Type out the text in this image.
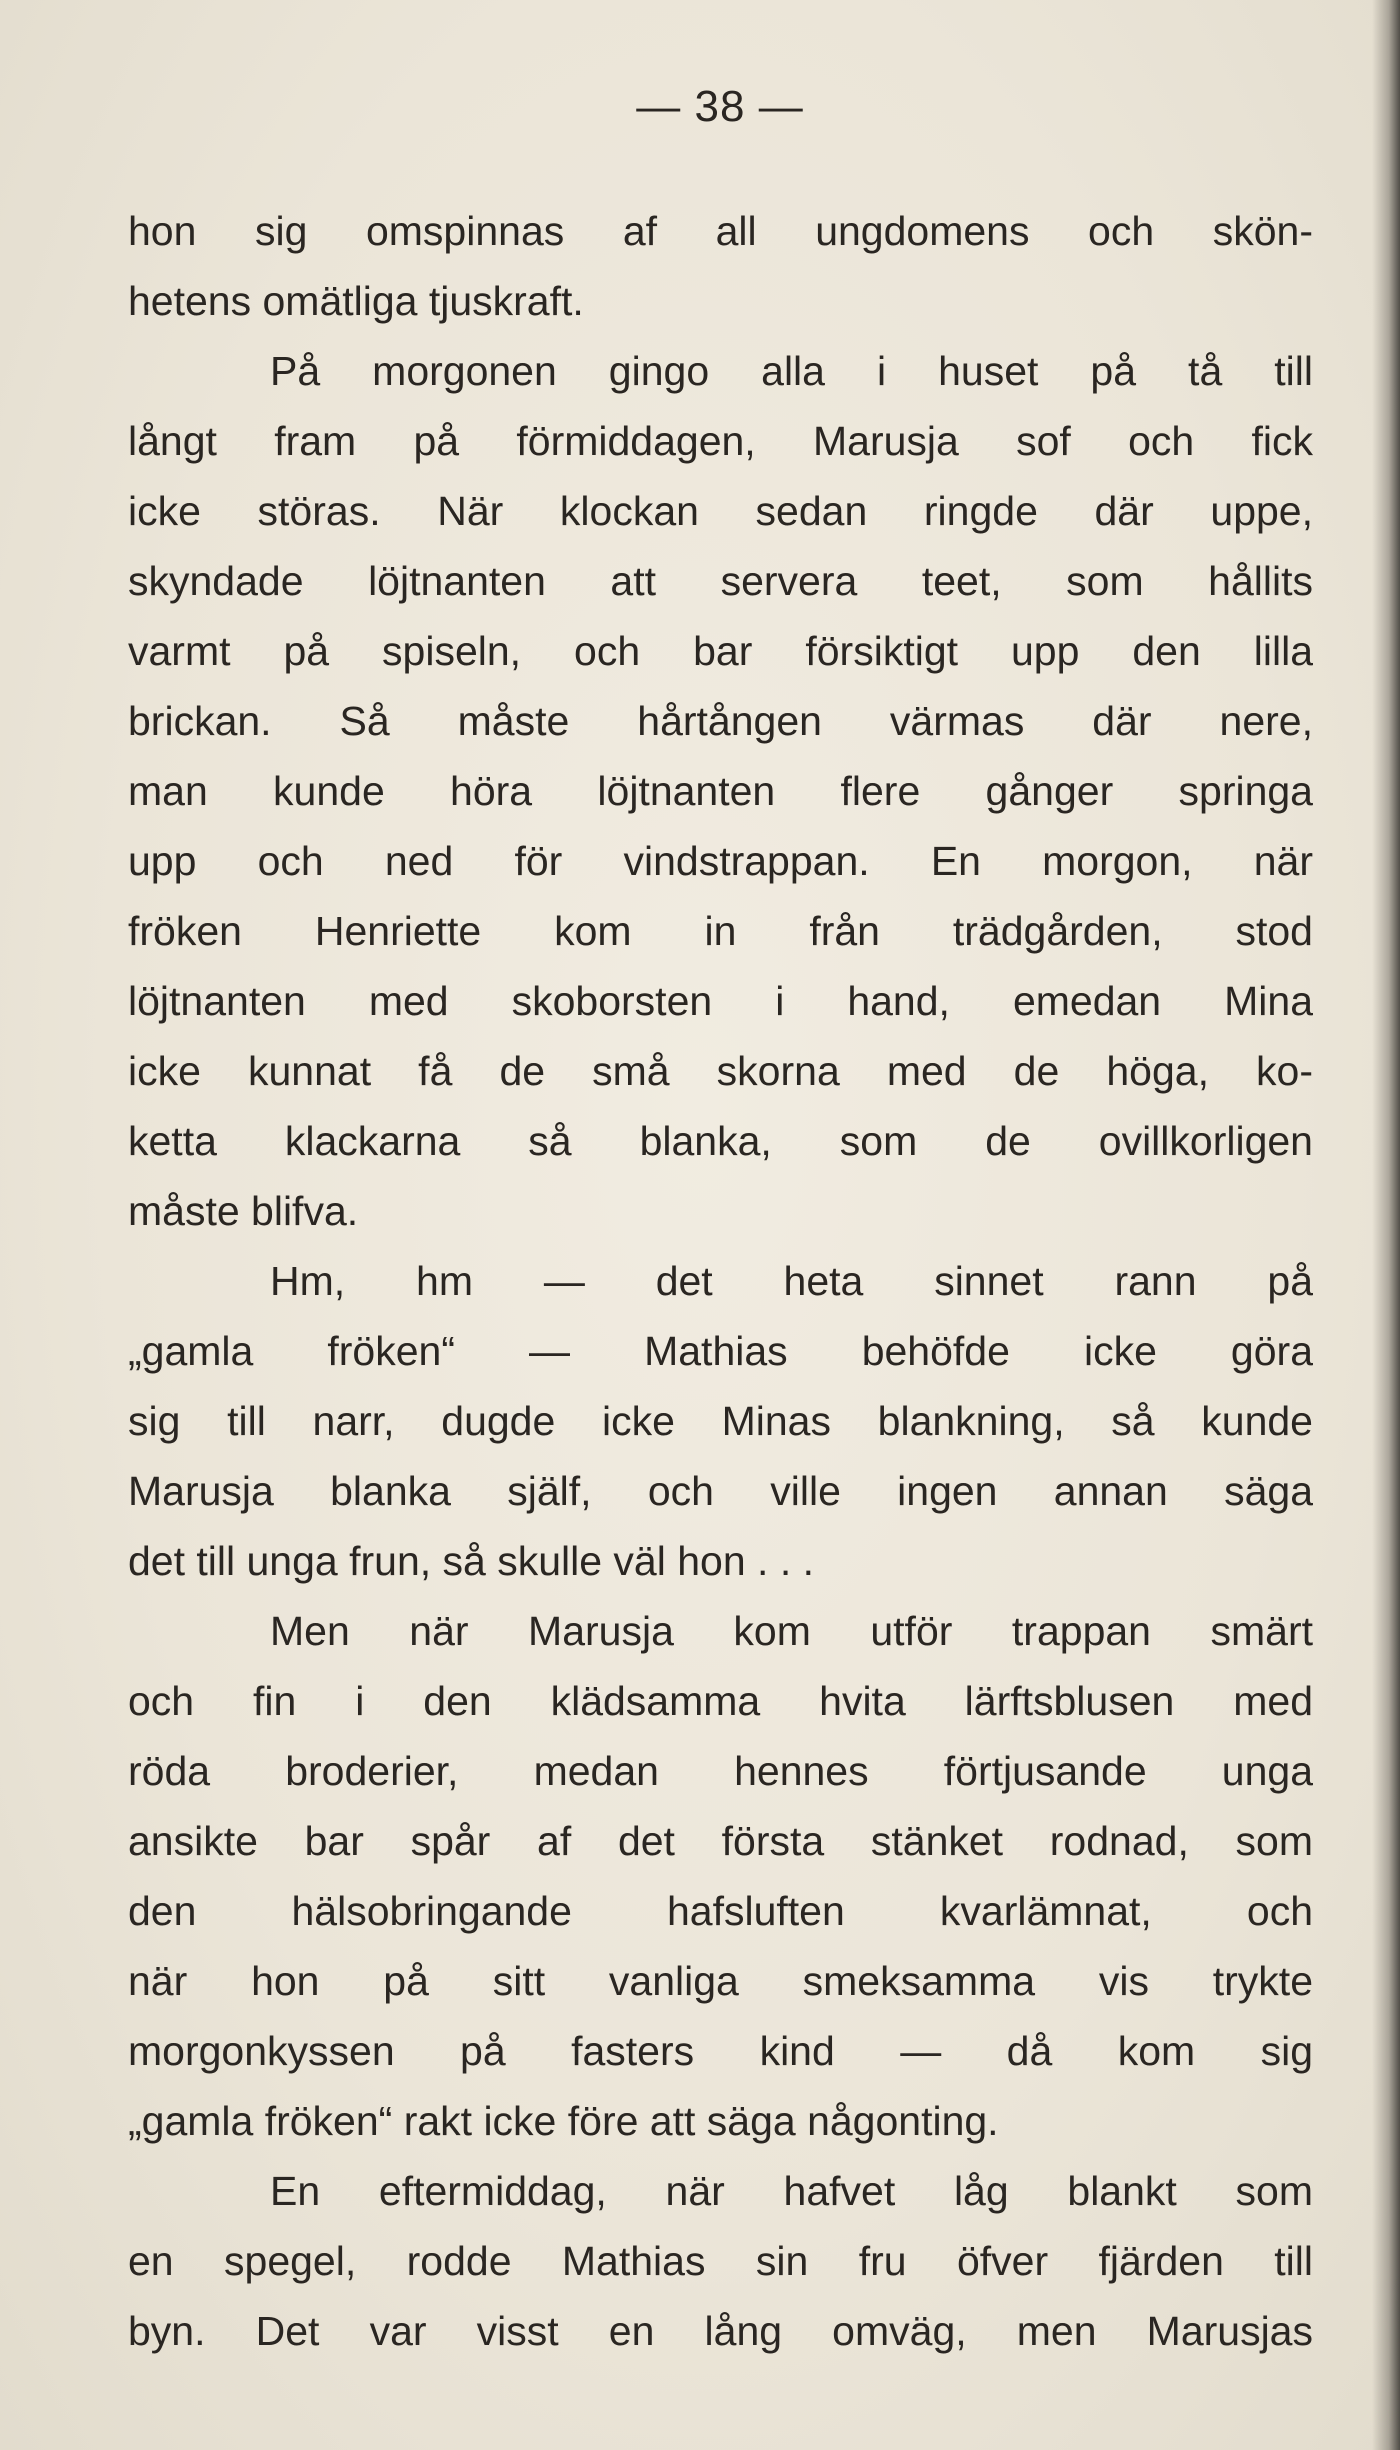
— 38 —
hon sig omspinnas af all ungdomens och skön-
hetens omätliga tjuskraft.
På morgonen gingo alla i huset på tå till
långt fram på förmiddagen, Marusja sof och fick
icke störas. När klockan sedan ringde där uppe,
skyndade löjtnanten att servera teet, som hållits
varmt på spiseln, och bar försiktigt upp den lilla
brickan. Så måste hårtången värmas där nere,
man kunde höra löjtnanten flere gånger springa
upp och ned för vindstrappan. En morgon, när
fröken Henriette kom in från trädgården, stod
löjtnanten med skoborsten i hand, emedan Mina
icke kunnat få de små skorna med de höga, ko-
ketta klackarna så blanka, som de ovillkorligen
måste blifva.
Hm, hm — det heta sinnet rann på
„gamla fröken“ — Mathias behöfde icke göra
sig till narr, dugde icke Minas blankning, så kunde
Marusja blanka själf, och ville ingen annan säga
det till unga frun, så skulle väl hon . . .
Men när Marusja kom utför trappan smärt
och fin i den klädsamma hvita lärftsblusen med
röda broderier, medan hennes förtjusande unga
ansikte bar spår af det första stänket rodnad, som
den hälsobringande hafsluften kvarlämnat, och
när hon på sitt vanliga smeksamma vis trykte
morgonkyssen på fasters kind — då kom sig
„gamla fröken“ rakt icke före att säga någonting.
En eftermiddag, när hafvet låg blankt som
en spegel, rodde Mathias sin fru öfver fjärden till
byn. Det var visst en lång omväg, men Marusjas
